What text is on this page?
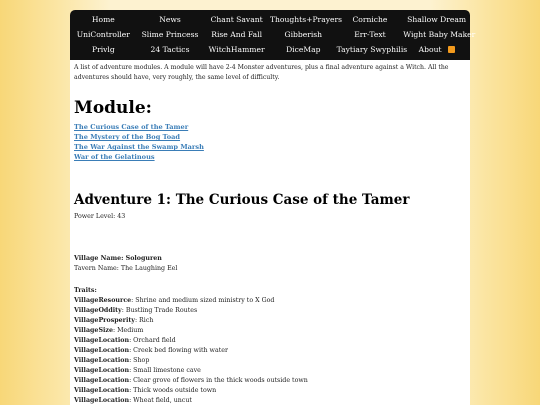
Home	News	Chant Savant Thoughts+Prayers	Corniche	Shallow Dream
UniController	Slime Princess	Rise And Fall	Gibberish	Err-Text	Wight Baby Maker
Privlg	24 Tactics	WitchHammer	DiceMap	Taytiary Swyphilis	About

A list of adventure modules. A module will have 2-4 Monster adventures, plus a final adventure against a Witch. All the adventures should have, very roughly, the same level of difficulty.

Module:
The Curious Case of the Tamer
The Mystery of the Bog Toad
The War Against the Swamp Marsh
War of the Gelatinous
Adventure 1: The Curious Case of the Tamer

Power Level: 43

Village Name: Sologuren

Tavern Name: The Laughing Eel

Traits:

VillageResource: Shrine and medium sized ministry to X God

VillageOddity: Bustling Trade Routes

VillageProsperity: Rich

VillageSize: Medium

VillageLocation: Orchard field

VillageLocation: Creek bed flowing with water

VillageLocation: Shop

VillageLocation: Small limestone cave

VillageLocation: Clear grove of flowers in the thick woods outside town

VillageLocation: Thick woods outside town

VillageLocation: Wheat field, uncut
